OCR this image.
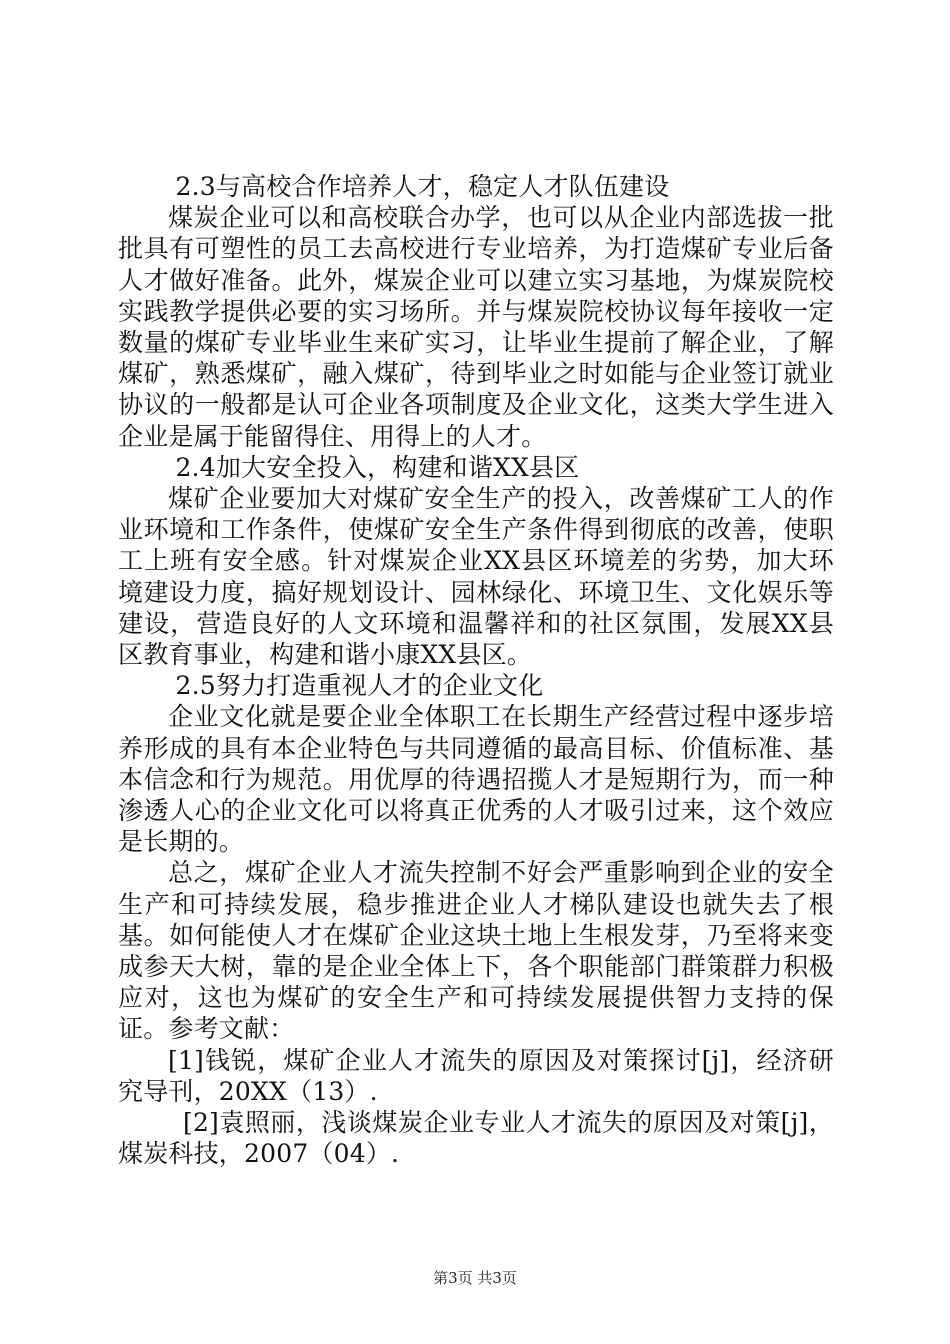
2.3与高校合作培养人才，稳定人才队伍建设

煤炭企业可以和高校联合办学，也可以从企业内部选拔一批批具有可塑性的员工去高校进行专业培养，为打造煤矿专业后备人才做好准备。此外，煤炭企业可以建立实习基地，为煤炭院校实践教学提供必要的实习场所。并与煤炭院校协议每年接收一定数量的煤矿专业毕业生来矿实习，让毕业生提前了解企业，了解煤矿，熟悉煤矿，融入煤矿，待到毕业之时如能与企业签订就业协议的一般都是认可企业各项制度及企业文化，这类大学生进入企业是属于能留得住、用得上的人才。

2.4加大安全投入，构建和谐XX县区

煤矿企业要加大对煤矿安全生产的投入，改善煤矿工人的作业环境和工作条件，使煤矿安全生产条件得到彻底的改善，使职工上班有安全感。针对煤炭企业XX县区环境差的劣势，加大环境建设力度，搞好规划设计、园林绿化、环境卫生、文化娱乐等建设，营造良好的人文环境和温馨祥和的社区氛围，发展XX县区教育事业，构建和谐小康XX县区。

2.5努力打造重视人才的企业文化

企业文化就是要企业全体职工在长期生产经营过程中逐步培养形成的具有本企业特色与共同遵循的最高目标、价值标准、基本信念和行为规范。用优厚的待遇招揽人才是短期行为，而一种渗透人心的企业文化可以将真正优秀的人才吸引过来，这个效应是长期的。

总之，煤矿企业人才流失控制不好会严重影响到企业的安全生产和可持续发展，稳步推进企业人才梯队建设也就失去了根基。如何能使人才在煤矿企业这块土地上生根发芽，乃至将来变成参天大树，靠的是企业全体上下，各个职能部门群策群力积极应对，这也为煤矿的安全生产和可持续发展提供智力支持的保证。参考文献：

[1]钱锐，煤矿企业人才流失的原因及对策探讨[j]，经济研究导刊，20XX（13）.

[2]袁照丽，浅谈煤炭企业专业人才流失的原因及对策[j]，煤炭科技，2007（04）.

第3页 共3页
